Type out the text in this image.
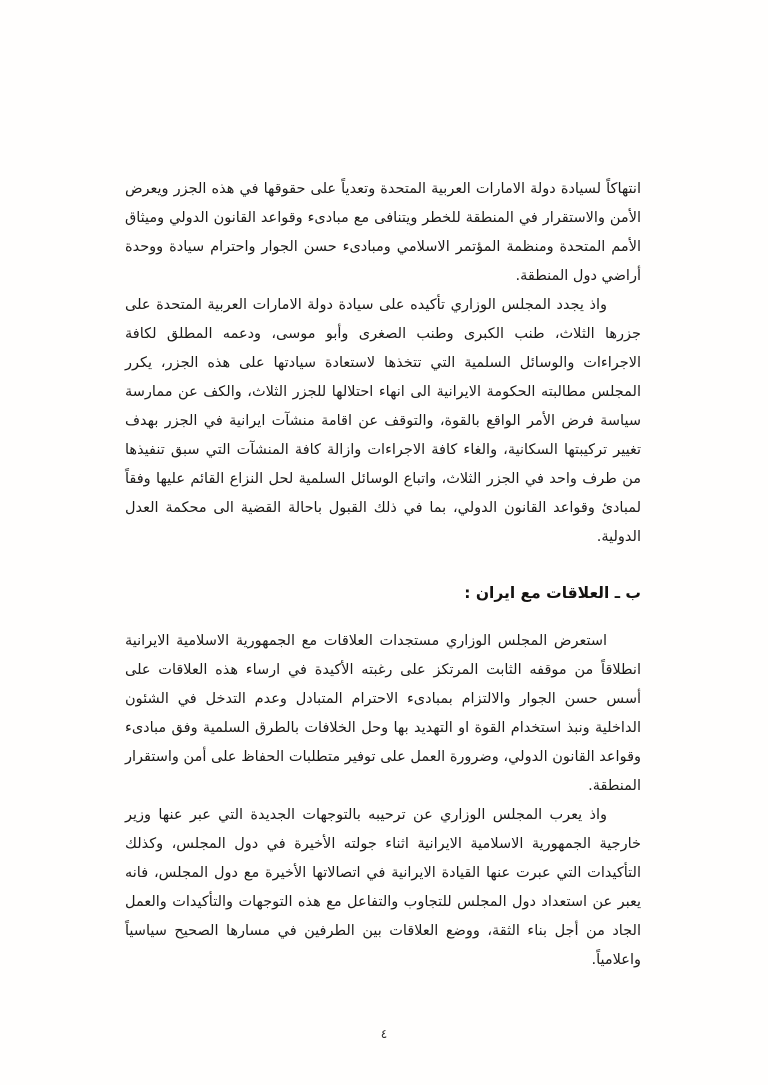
انتهاكاً لسيادة دولة الامارات العربية المتحدة وتعدياً على حقوقها في هذه الجزر ويعرض الأمن والاستقرار في المنطقة للخطر ويتنافى مع مبادىء وقواعد القانون الدولي وميثاق الأمم المتحدة ومنظمة المؤتمر الاسلامي ومبادىء حسن الجوار واحترام سيادة ووحدة أراضي دول المنطقة.

واذ يجدد المجلس الوزاري تأكيده على سيادة دولة الامارات العربية المتحدة على جزرها الثلاث، طنب الكبرى وطنب الصغرى وأبو موسى، ودعمه المطلق لكافة الاجراءات والوسائل السلمية التي تتخذها لاستعادة سيادتها على هذه الجزر، يكرر المجلس مطالبته الحكومة الايرانية الى انهاء احتلالها للجزر الثلاث، والكف عن ممارسة سياسة فرض الأمر الواقع بالقوة، والتوقف عن اقامة منشآت ايرانية في الجزر بهدف تغيير تركيبتها السكانية، والغاء كافة الاجراءات وازالة كافة المنشآت التي سبق تنفيذها من طرف واحد في الجزر الثلاث، واتباع الوسائل السلمية لحل النزاع القائم عليها وفقاً لمبادئ وقواعد القانون الدولي، بما في ذلك القبول باحالة القضية الى محكمة العدل الدولية.

ب ـ العلاقات مع ايران :

استعرض المجلس الوزاري مستجدات العلاقات مع الجمهورية الاسلامية الايرانية انطلاقاً من موقفه الثابت المرتكز على رغبته الأكيدة في ارساء هذه العلاقات على أسس حسن الجوار والالتزام بمبادىء الاحترام المتبادل وعدم التدخل في الشئون الداخلية ونبذ استخدام القوة او التهديد بها وحل الخلافات بالطرق السلمية وفق مبادىء وقواعد القانون الدولي، وضرورة العمل على توفير متطلبات الحفاظ على أمن واستقرار المنطقة.

واذ يعرب المجلس الوزاري عن ترحيبه بالتوجهات الجديدة التي عبر عنها وزير خارجية الجمهورية الاسلامية الايرانية اثناء جولته الأخيرة في دول المجلس، وكذلك التأكيدات التي عبرت عنها القيادة الايرانية في اتصالاتها الأخيرة مع دول المجلس، فانه يعبر عن استعداد دول المجلس للتجاوب والتفاعل مع هذه التوجهات والتأكيدات والعمل الجاد من أجل بناء الثقة، ووضع العلاقات بين الطرفين في مسارها الصحيح سياسياً واعلامياً.

٤
